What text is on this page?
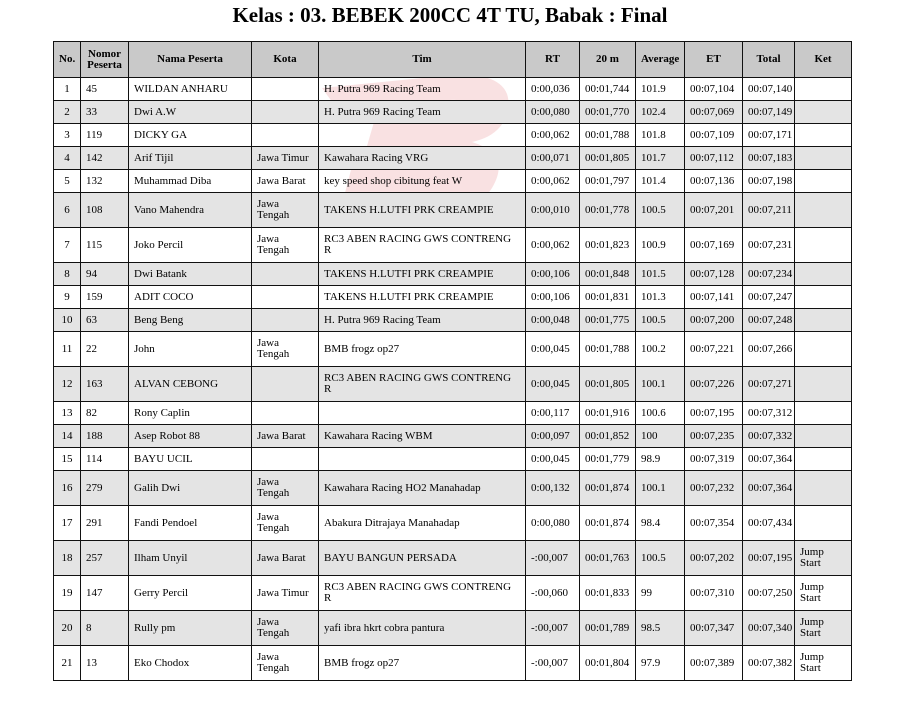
Kelas : 03. BEBEK 200CC 4T TU, Babak : Final
No.	Nomor
Peserta	Nama Peserta	Kota	Tim	RT	20 m	Average	ET	Total	Ket
1	45	WILDAN ANHARU		H. Putra 969 Racing Team	0:00,036	00:01,744	101.9	00:07,104	00:07,140	
2	33	Dwi A.W		H. Putra 969 Racing Team	0:00,080	00:01,770	102.4	00:07,069	00:07,149	
3	119	DICKY GA			0:00,062	00:01,788	101.8	00:07,109	00:07,171	
4	142	Arif Tijil	Jawa Timur	Kawahara Racing VRG	0:00,071	00:01,805	101.7	00:07,112	00:07,183	
5	132	Muhammad Diba	Jawa Barat	key speed shop cibitung feat W	0:00,062	00:01,797	101.4	00:07,136	00:07,198	
6	108	Vano Mahendra	Jawa Tengah	TAKENS H.LUTFI PRK CREAMPIE	0:00,010	00:01,778	100.5	00:07,201	00:07,211	
7	115	Joko Percil	Jawa Tengah	RC3 ABEN RACING GWS CONTRENG R	0:00,062	00:01,823	100.9	00:07,169	00:07,231	
8	94	Dwi Batank		TAKENS H.LUTFI PRK CREAMPIE	0:00,106	00:01,848	101.5	00:07,128	00:07,234	
9	159	ADIT COCO		TAKENS H.LUTFI PRK CREAMPIE	0:00,106	00:01,831	101.3	00:07,141	00:07,247	
10	63	Beng Beng		H. Putra 969 Racing Team	0:00,048	00:01,775	100.5	00:07,200	00:07,248	
11	22	John	Jawa Tengah	BMB frogz op27	0:00,045	00:01,788	100.2	00:07,221	00:07,266	
12	163	ALVAN CEBONG		RC3 ABEN RACING GWS CONTRENG R	0:00,045	00:01,805	100.1	00:07,226	00:07,271	
13	82	Rony Caplin			0:00,117	00:01,916	100.6	00:07,195	00:07,312	
14	188	Asep Robot 88	Jawa Barat	Kawahara Racing WBM	0:00,097	00:01,852	100	00:07,235	00:07,332	
15	114	BAYU UCIL			0:00,045	00:01,779	98.9	00:07,319	00:07,364	
16	279	Galih Dwi	Jawa Tengah	Kawahara Racing HO2 Manahadap	0:00,132	00:01,874	100.1	00:07,232	00:07,364	
17	291	Fandi Pendoel	Jawa Tengah	Abakura Ditrajaya Manahadap	0:00,080	00:01,874	98.4	00:07,354	00:07,434	
18	257	Ilham Unyil	Jawa Barat	BAYU BANGUN PERSADA	-:00,007	00:01,763	100.5	00:07,202	00:07,195	Jump Start
19	147	Gerry Percil	Jawa Timur	RC3 ABEN RACING GWS CONTRENG R	-:00,060	00:01,833	99	00:07,310	00:07,250	Jump Start
20	8	Rully pm	Jawa Tengah	yafi ibra hkrt cobra pantura	-:00,007	00:01,789	98.5	00:07,347	00:07,340	Jump Start
21	13	Eko Chodox	Jawa Tengah	BMB frogz op27	-:00,007	00:01,804	97.9	00:07,389	00:07,382	Jump Start
